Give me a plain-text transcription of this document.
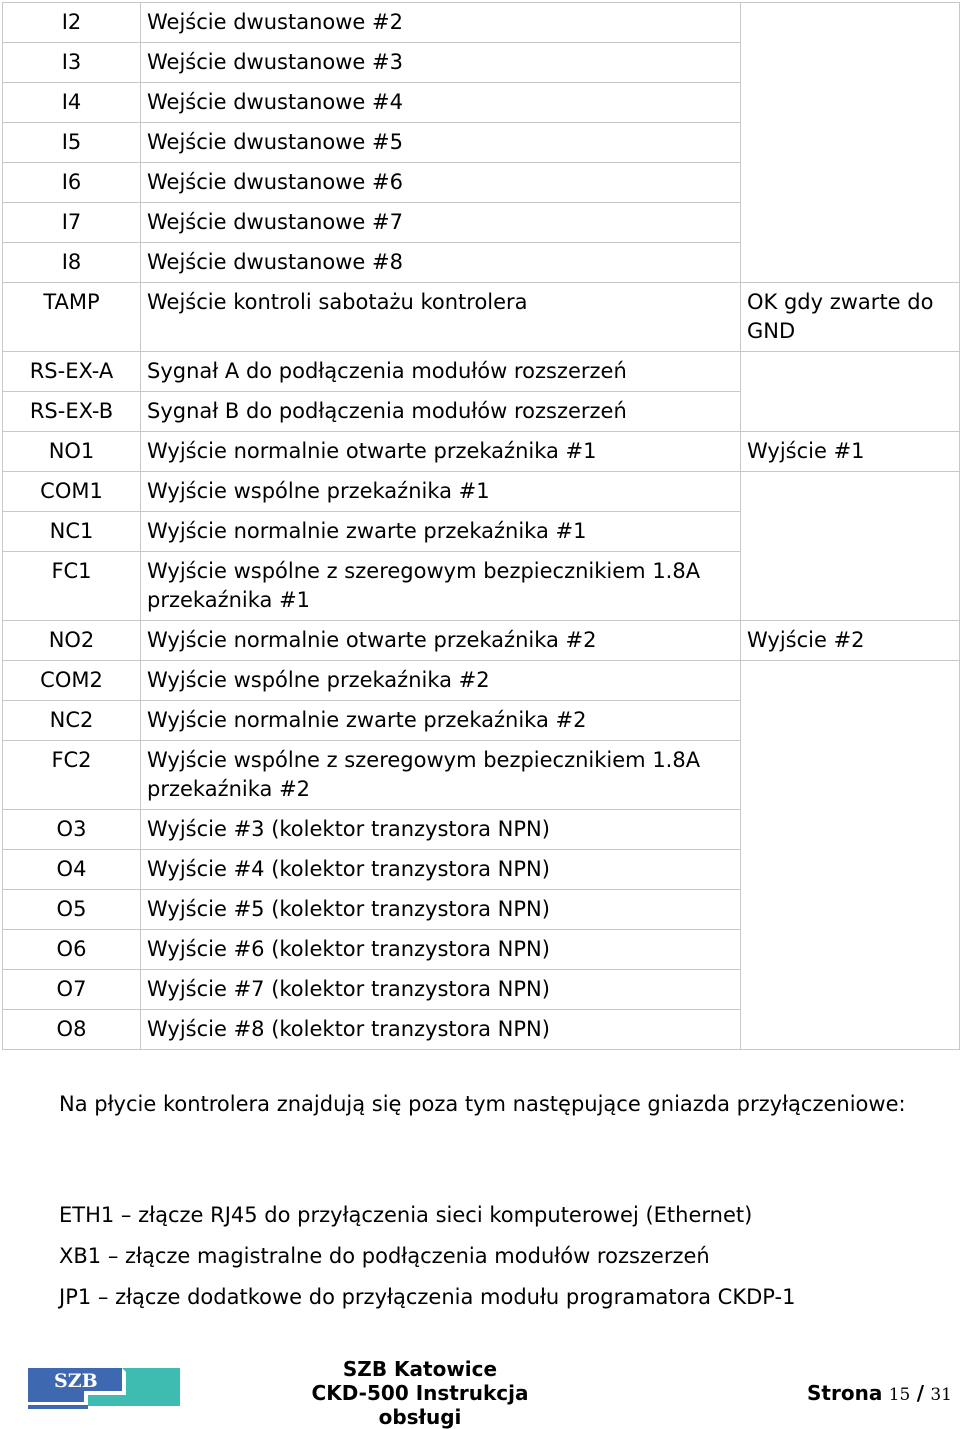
I2	Wejście dwustanowe #2	
I3	Wejście dwustanowe #3	
I4	Wejście dwustanowe #4	
I5	Wejście dwustanowe #5	
I6	Wejście dwustanowe #6	
I7	Wejście dwustanowe #7	
I8	Wejście dwustanowe #8	
TAMP	Wejście kontroli sabotażu kontrolera	OK gdy zwarte do GND
RS-EX-A	Sygnał A do podłączenia modułów rozszerzeń	
RS-EX-B	Sygnał B do podłączenia modułów rozszerzeń	
NO1	Wyjście normalnie otwarte przekaźnika #1	Wyjście #1
COM1	Wyjście wspólne przekaźnika #1	
NC1	Wyjście normalnie zwarte przekaźnika #1	
FC1	Wyjście wspólne z szeregowym bezpiecznikiem 1.8A przekaźnika #1	
NO2	Wyjście normalnie otwarte przekaźnika #2	Wyjście #2
COM2	Wyjście wspólne przekaźnika #2	
NC2	Wyjście normalnie zwarte przekaźnika #2	
FC2	Wyjście wspólne z szeregowym bezpiecznikiem 1.8A przekaźnika #2	
O3	Wyjście #3 (kolektor tranzystora NPN)	
O4	Wyjście #4 (kolektor tranzystora NPN)	
O5	Wyjście #5 (kolektor tranzystora NPN)	
O6	Wyjście #6 (kolektor tranzystora NPN)	
O7	Wyjście #7 (kolektor tranzystora NPN)	
O8	Wyjście #8 (kolektor tranzystora NPN)	

Na płycie kontrolera znajdują się poza tym następujące gniazda przyłączeniowe:

ETH1 – złącze RJ45 do przyłączenia sieci komputerowej (Ethernet)

XB1 – złącze magistralne do podłączenia modułów rozszerzeń

JP1 – złącze dodatkowe do przyłączenia modułu programatora CKDP-1

SZB	SZB Katowice
CKD-500 Instrukcja obsługi
Strona 15 / 31
